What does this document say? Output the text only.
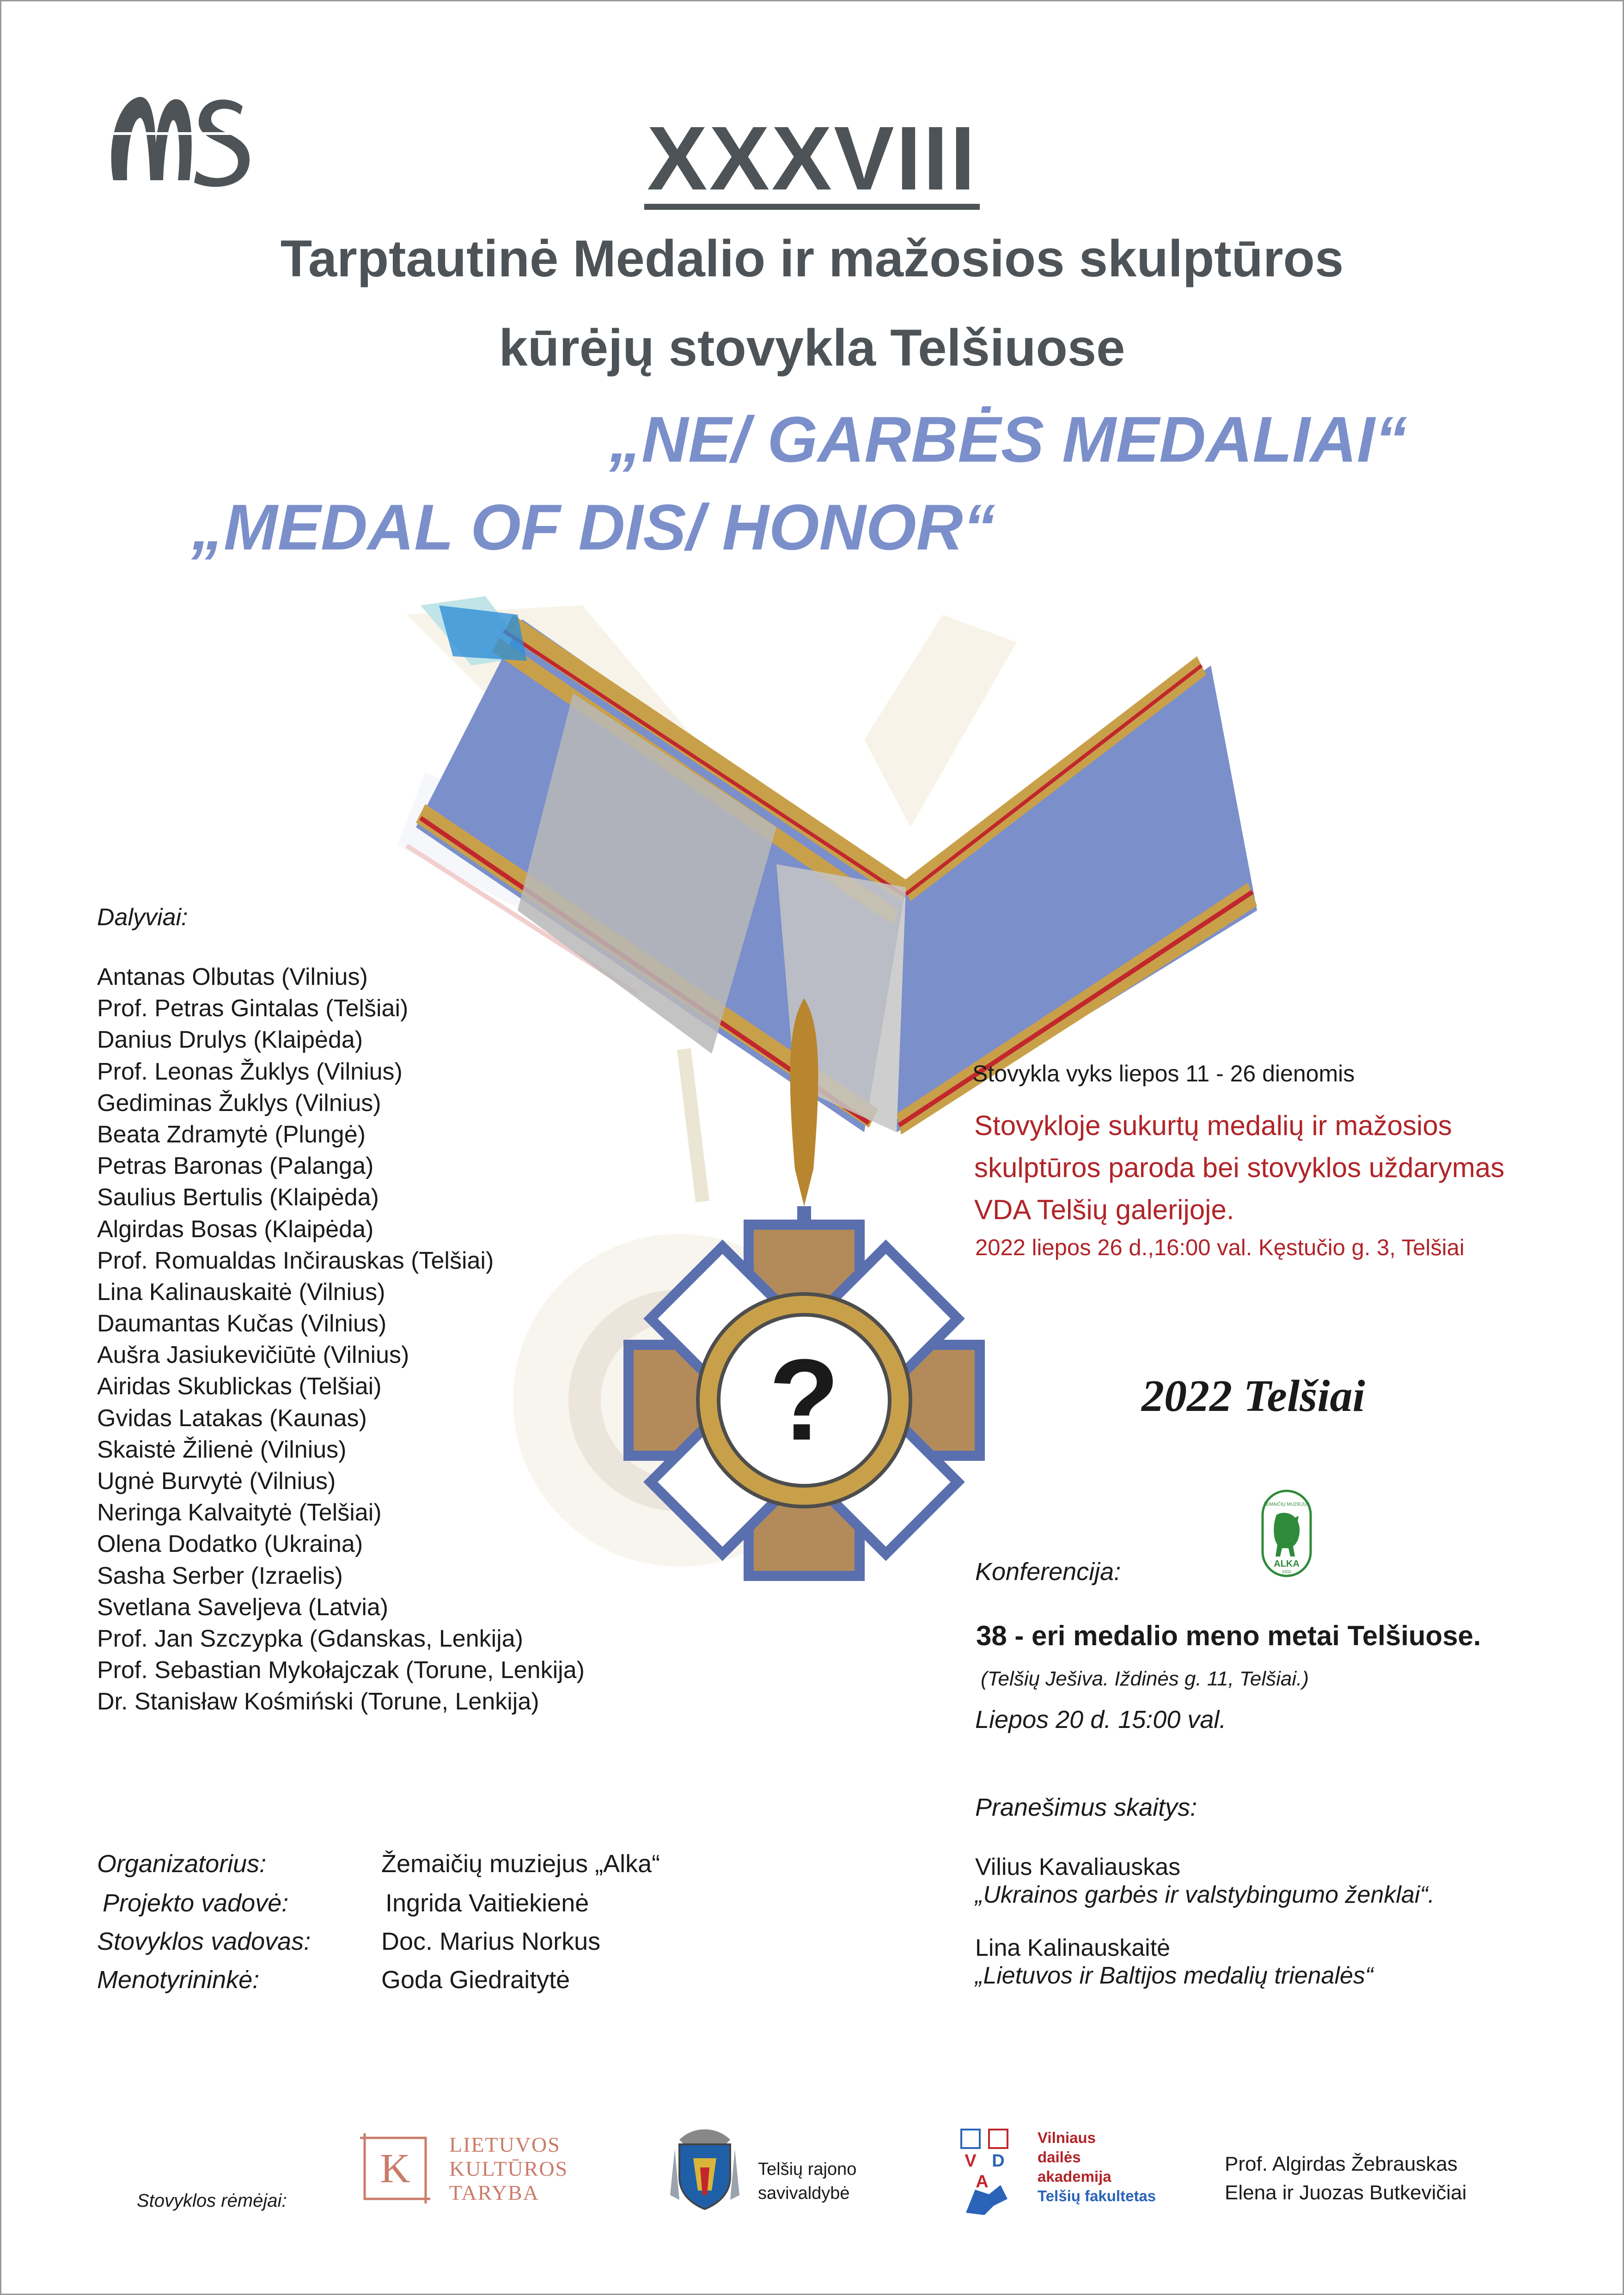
XXXVIII
Tarptautinė Medalio ir mažosios skulptūros
kūrėjų stovykla Telšiuose
„NE/ GARBĖS MEDALIAI“
„MEDAL OF DIS/ HONOR“
?
Dalyviai:
Antanas Olbutas (Vilnius)
Prof. Petras Gintalas (Telšiai)
Danius Drulys (Klaipėda)
Prof. Leonas Žuklys (Vilnius)
Gediminas Žuklys (Vilnius)
Beata Zdramytė (Plungė)
Petras Baronas (Palanga)
Saulius Bertulis (Klaipėda)
Algirdas Bosas (Klaipėda)
Prof. Romualdas Inčirauskas (Telšiai)
Lina Kalinauskaitė (Vilnius)
Daumantas Kučas (Vilnius)
Aušra Jasiukevičiūtė (Vilnius)
Airidas Skublickas (Telšiai)
Gvidas Latakas (Kaunas)
Skaistė Žilienė (Vilnius)
Ugnė Burvytė (Vilnius)
Neringa Kalvaitytė (Telšiai)
Olena Dodatko (Ukraina)
Sasha Serber (Izraelis)
Svetlana Saveljeva (Latvia)
Prof. Jan Szczypka (Gdanskas, Lenkija)
Prof. Sebastian Mykołajczak (Torune, Lenkija)
Dr. Stanisław Kośmiński (Torune, Lenkija)
Stovykla vyks liepos 11 - 26 dienomis
Stovykloje sukurtų medalių ir mažosios
skulptūros paroda bei stovyklos uždarymas
VDA Telšių galerijoje.
2022 liepos 26 d.,16:00 val. Kęstučio g. 3, Telšiai
2022 Telšiai
ŽEMAIČIŲ MUZIEJUS
ALKA
1932
Konferencija:
38 - eri medalio meno metai Telšiuose.
(Telšių Ješiva. Iždinės g. 11, Telšiai.)
Liepos 20 d. 15:00 val.
Pranešimus skaitys:
Vilius Kavaliauskas
„Ukrainos garbės ir valstybingumo ženklai“.
Lina Kalinauskaitė
„Lietuvos ir Baltijos medalių trienalės“
Organizatorius:	Žemaičių muziejus „Alka“
Projekto vadovė:	Ingrida Vaitiekienė
Stovyklos vadovas:	Doc. Marius Norkus
Menotyrininkė:	Goda Giedraitytė
Stovyklos rėmėjai:
K
LIETUVOS
KULTŪROS
TARYBA
Telšių rajono
savivaldybė
V D
A
Vilniaus
dailės
akademija
Telšių fakultetas
Prof. Algirdas Žebrauskas
Elena ir Juozas Butkevičiai
